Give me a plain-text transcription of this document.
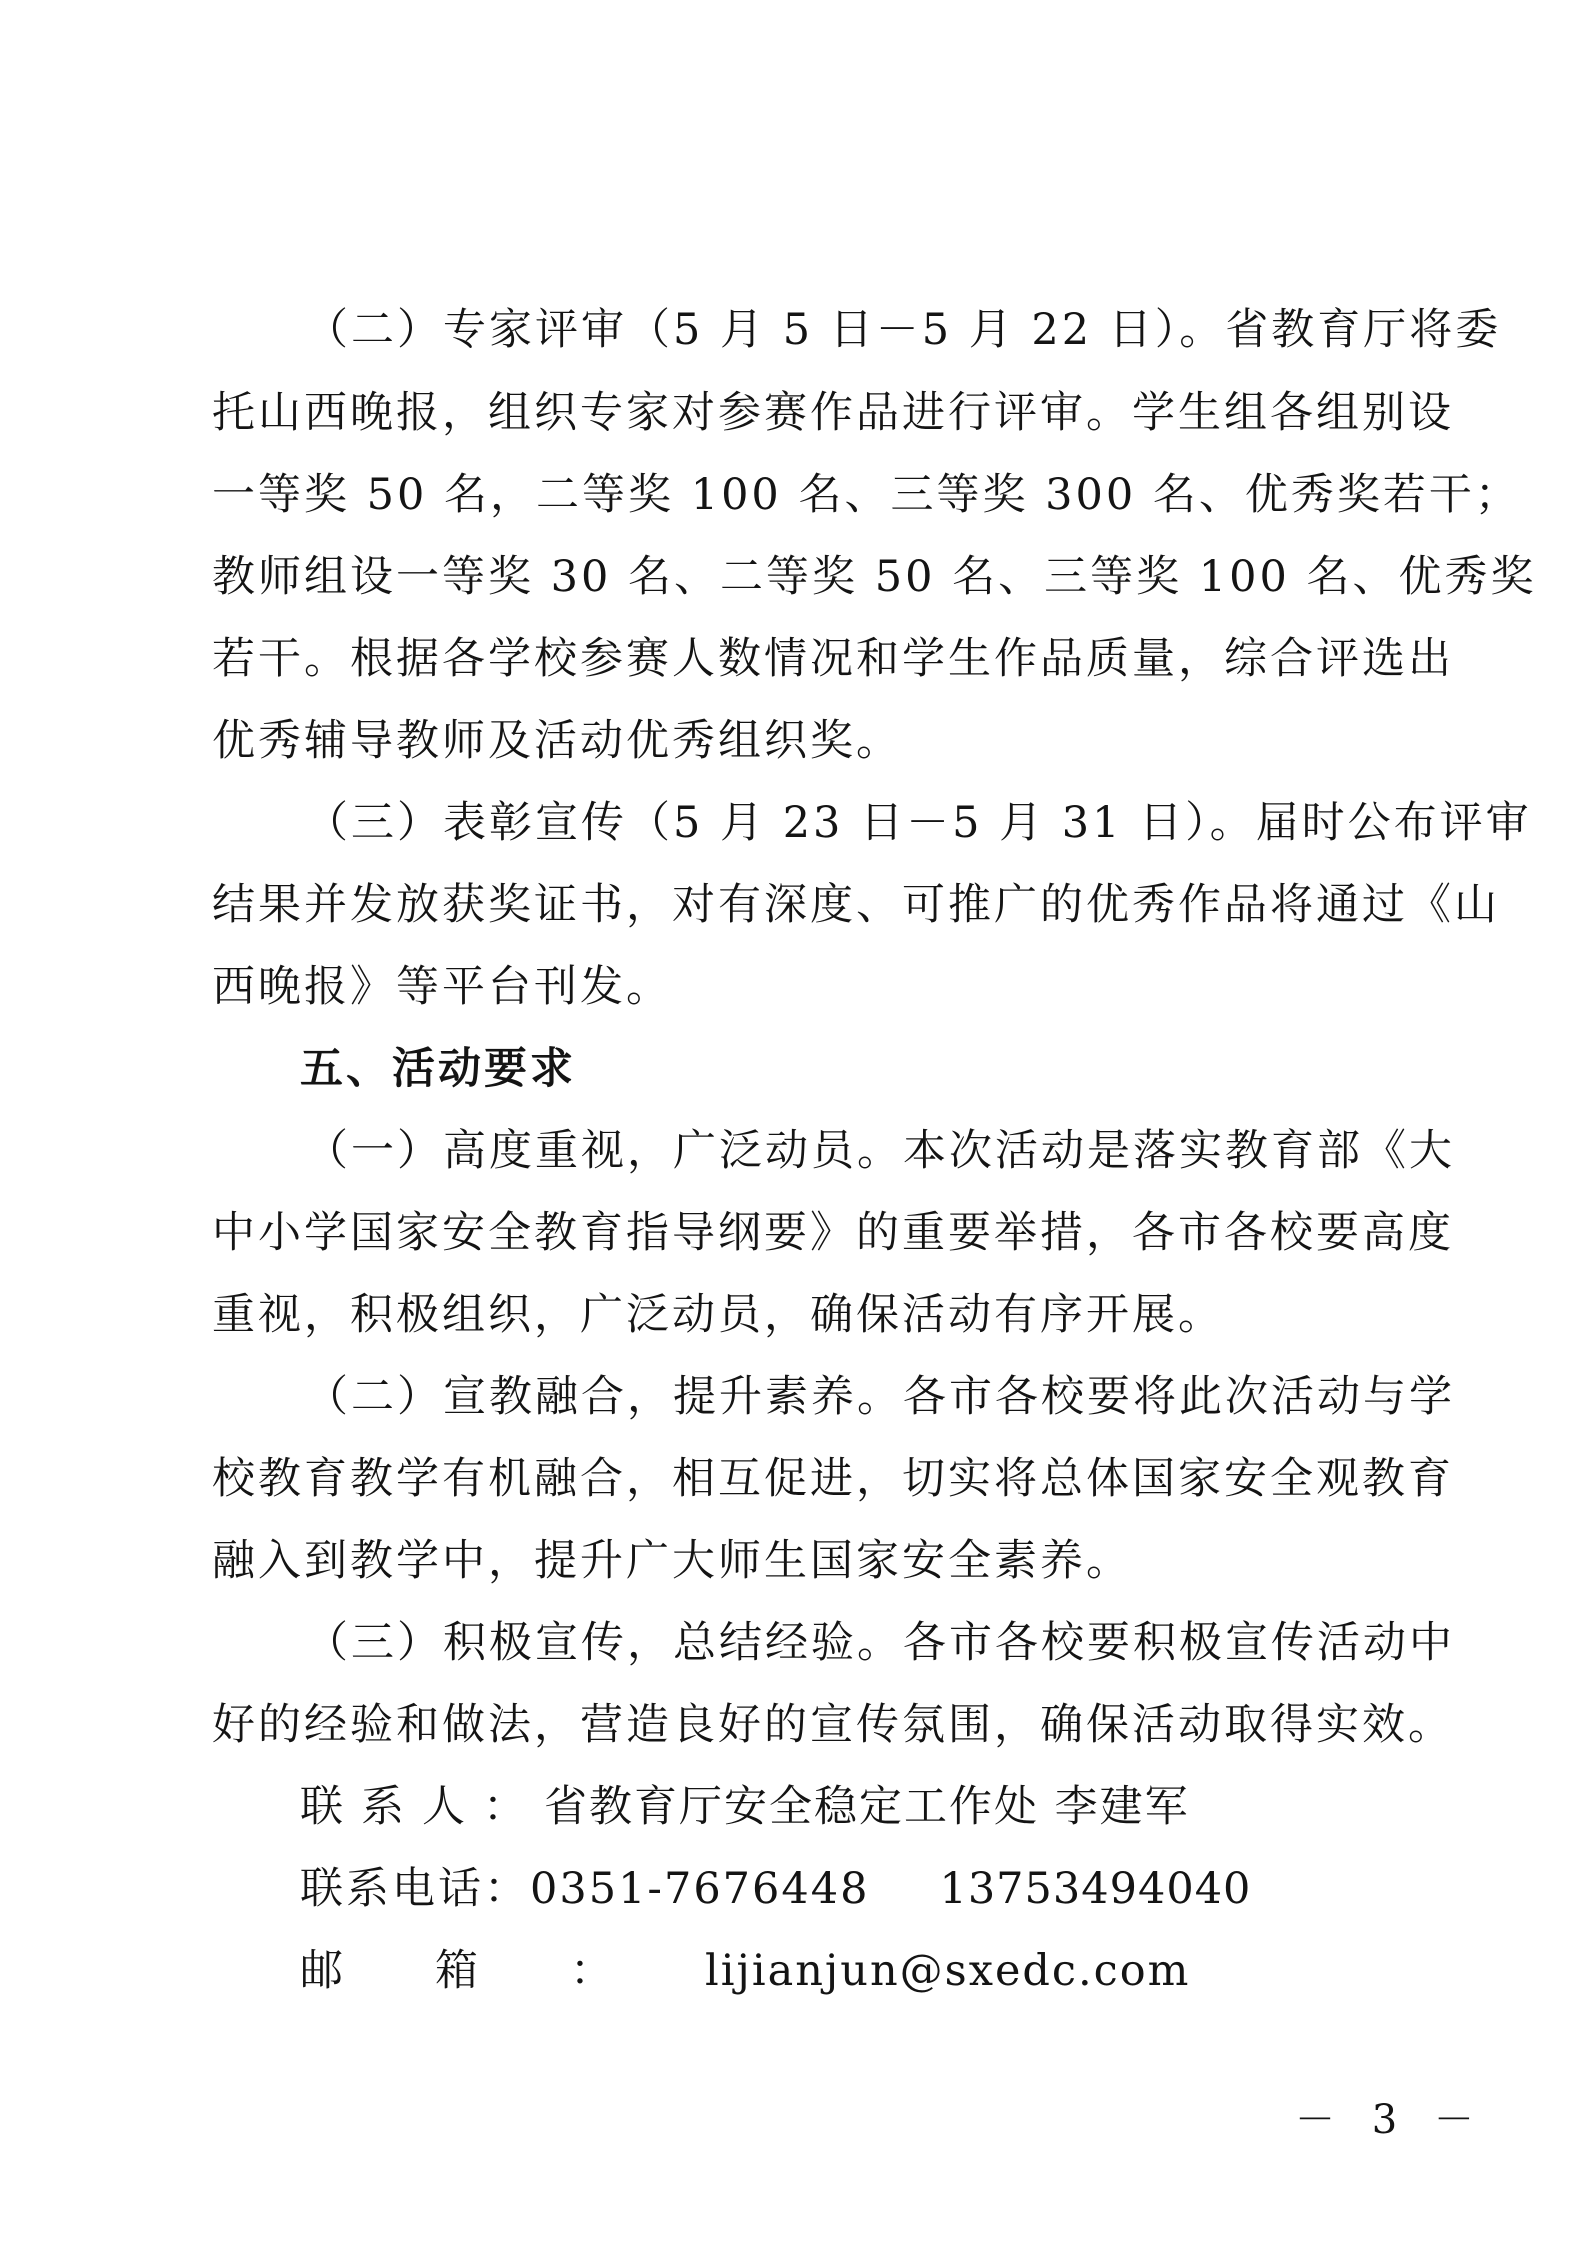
（二）专家评审（5 月 5 日－5 月 22 日）。省教育厅将委
托山西晚报，组织专家对参赛作品进行评审。学生组各组别设
一等奖 50 名，二等奖 100 名、三等奖 300 名、优秀奖若干；
教师组设一等奖 30 名、二等奖 50 名、三等奖 100 名、优秀奖
若干。根据各学校参赛人数情况和学生作品质量，综合评选出
优秀辅导教师及活动优秀组织奖。
（三）表彰宣传（5 月 23 日－5 月 31 日）。届时公布评审
结果并发放获奖证书，对有深度、可推广的优秀作品将通过《山
西晚报》等平台刊发。
五、活动要求
（一）高度重视，广泛动员。本次活动是落实教育部《大
中小学国家安全教育指导纲要》的重要举措，各市各校要高度
重视，积极组织，广泛动员，确保活动有序开展。
（二）宣教融合，提升素养。各市各校要将此次活动与学
校教育教学有机融合，相互促进，切实将总体国家安全观教育
融入到教学中，提升广大师生国家安全素养。
（三）积极宣传，总结经验。各市各校要积极宣传活动中
好的经验和做法，营造良好的宣传氛围，确保活动取得实效。
联系人：省教育厅安全稳定工作处 李建军
联系电话：0351-7676448 13753494040
邮箱：lijianjun@sxedc.com
－ 3 －
